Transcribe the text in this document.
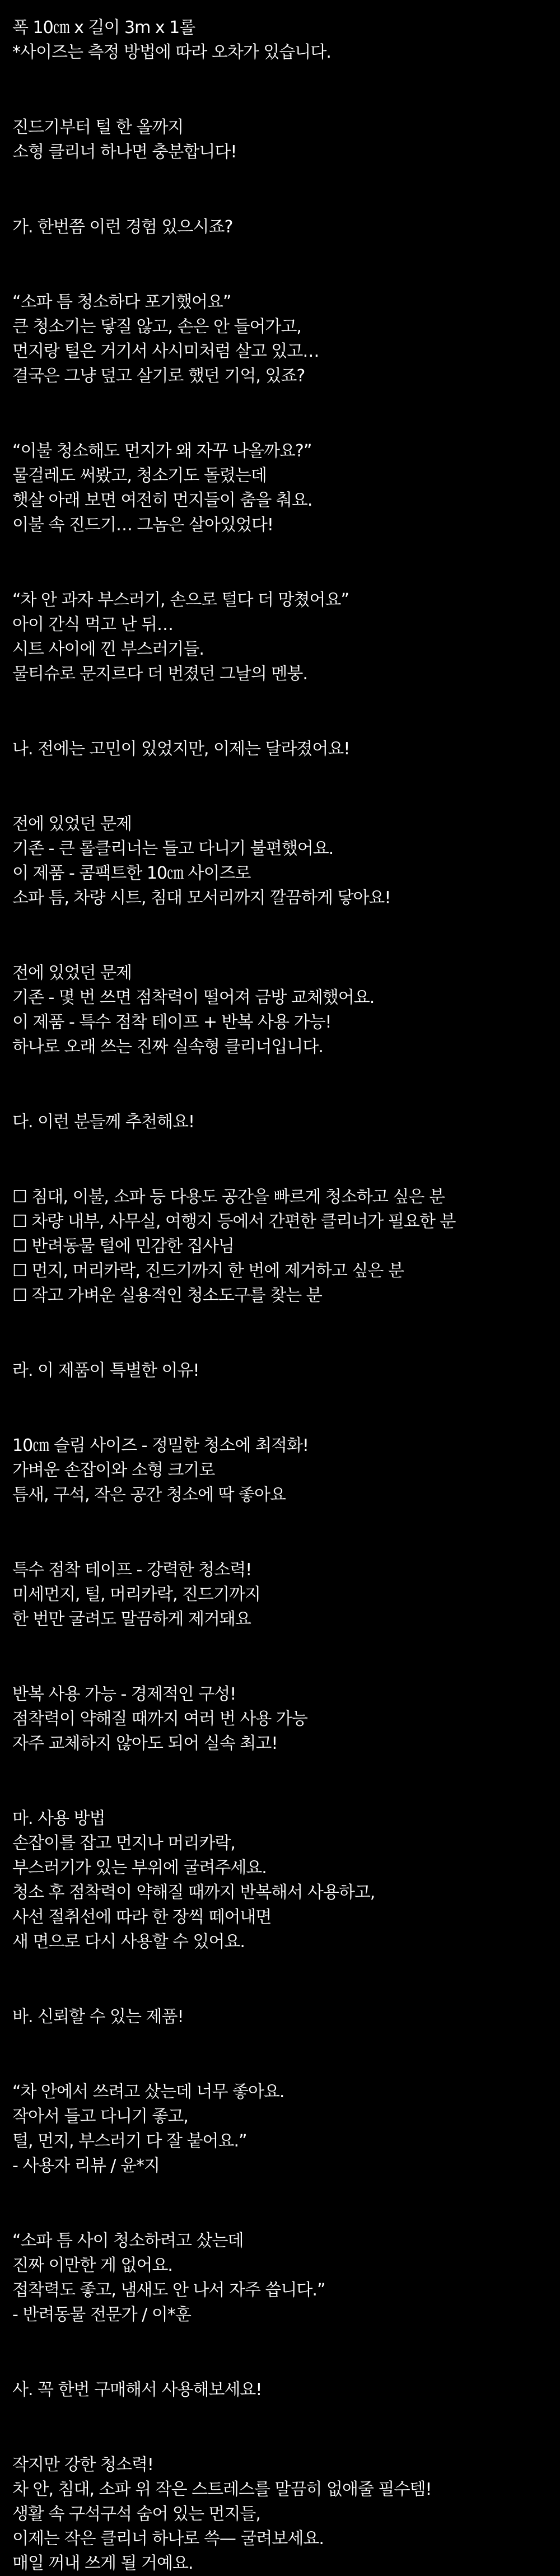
폭 10㎝ x 길이 3m x 1롤
*사이즈는 측정 방법에 따라 오차가 있습니다.
진드기부터 털 한 올까지
소형 클리너 하나면 충분합니다!
가. 한번쯤 이런 경험 있으시죠?
“소파 틈 청소하다 포기했어요”
큰 청소기는 닿질 않고, 손은 안 들어가고,
먼지랑 털은 거기서 사시미처럼 살고 있고…
결국은 그냥 덮고 살기로 했던 기억, 있죠?
“이불 청소해도 먼지가 왜 자꾸 나올까요?”
물걸레도 써봤고, 청소기도 돌렸는데
햇살 아래 보면 여전히 먼지들이 춤을 춰요.
이불 속 진드기… 그놈은 살아있었다!
“차 안 과자 부스러기, 손으로 털다 더 망쳤어요”
아이 간식 먹고 난 뒤…
시트 사이에 낀 부스러기들.
물티슈로 문지르다 더 번졌던 그날의 멘붕.
나. 전에는 고민이 있었지만, 이제는 달라졌어요!
전에 있었던 문제
기존 - 큰 롤클리너는 들고 다니기 불편했어요.
이 제품 - 콤팩트한 10㎝ 사이즈로
소파 틈, 차량 시트, 침대 모서리까지 깔끔하게 닿아요!
전에 있었던 문제
기존 - 몇 번 쓰면 점착력이 떨어져 금방 교체했어요.
이 제품 - 특수 점착 테이프 + 반복 사용 가능!
하나로 오래 쓰는 진짜 실속형 클리너입니다.
다. 이런 분들께 추천해요!
☐ 침대, 이불, 소파 등 다용도 공간을 빠르게 청소하고 싶은 분
☐ 차량 내부, 사무실, 여행지 등에서 간편한 클리너가 필요한 분
☐ 반려동물 털에 민감한 집사님
☐ 먼지, 머리카락, 진드기까지 한 번에 제거하고 싶은 분
☐ 작고 가벼운 실용적인 청소도구를 찾는 분
라. 이 제품이 특별한 이유!
10㎝ 슬림 사이즈 - 정밀한 청소에 최적화!
가벼운 손잡이와 소형 크기로
틈새, 구석, 작은 공간 청소에 딱 좋아요
특수 점착 테이프 - 강력한 청소력!
미세먼지, 털, 머리카락, 진드기까지
한 번만 굴려도 말끔하게 제거돼요
반복 사용 가능 - 경제적인 구성!
점착력이 약해질 때까지 여러 번 사용 가능
자주 교체하지 않아도 되어 실속 최고!
마. 사용 방법
손잡이를 잡고 먼지나 머리카락,
부스러기가 있는 부위에 굴려주세요.
청소 후 점착력이 약해질 때까지 반복해서 사용하고,
사선 절취선에 따라 한 장씩 떼어내면
새 면으로 다시 사용할 수 있어요.
바. 신뢰할 수 있는 제품!
“차 안에서 쓰려고 샀는데 너무 좋아요.
작아서 들고 다니기 좋고,
털, 먼지, 부스러기 다 잘 붙어요.”
- 사용자 리뷰 / 윤*지
“소파 틈 사이 청소하려고 샀는데
진짜 이만한 게 없어요.
접착력도 좋고, 냄새도 안 나서 자주 씁니다.”
- 반려동물 전문가 / 이*훈
사. 꼭 한번 구매해서 사용해보세요!
작지만 강한 청소력!
차 안, 침대, 소파 위 작은 스트레스를 말끔히 없애줄 필수템!
생활 속 구석구석 숨어 있는 먼지들,
이제는 작은 클리너 하나로 쓱— 굴려보세요.
매일 꺼내 쓰게 될 거예요.
